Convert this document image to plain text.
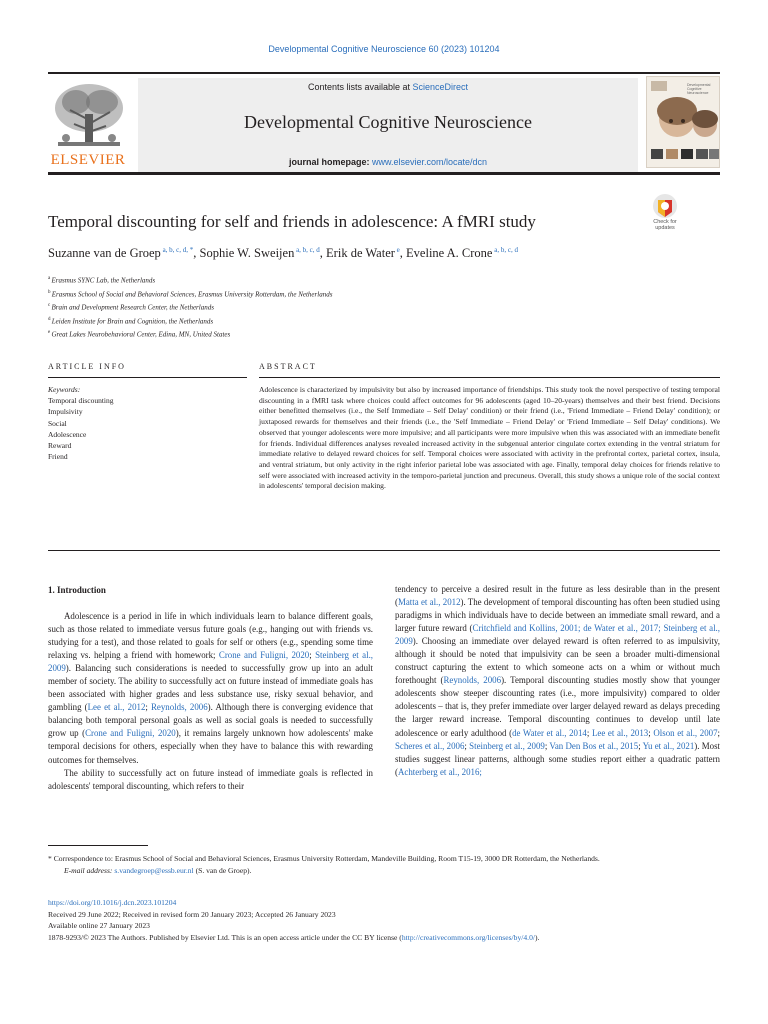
Developmental Cognitive Neuroscience 60 (2023) 101204
ELSEVIER
Contents lists available at ScienceDirect
Developmental Cognitive Neuroscience
journal homepage: www.elsevier.com/locate/dcn
Developmental Cognitive Neuroscience
Temporal discounting for self and friends in adolescence: A fMRI study	Check for updates
Suzanne van de Groep $^{a, b, c, d, *}$, Sophie W. Sweijen $^{a, b, c, d}$, Erik de Water $^e$, Eveline A. Crone $^{a, b, c, d}$
$^a$ Erasmus SYNC Lab, the Netherlands
$^b$ Erasmus School of Social and Behavioral Sciences, Erasmus University Rotterdam, the Netherlands
$^c$ Brain and Development Research Center, the Netherlands
$^d$ Leiden Institute for Brain and Cognition, the Netherlands
$^e$ Great Lakes Neurobehavioral Center, Edina, MN, United States
ARTICLE INFO	ABSTRACT
Keywords:
Temporal discounting
Impulsivity
Social
Adolescence
Reward
Friend
Adolescence is characterized by impulsivity but also by increased importance of friendships. This study took the novel perspective of testing temporal discounting in a fMRI task where choices could affect outcomes for 96 adolescents (aged 10–20-years) themselves and their best friend. Decisions either benefitted themselves (i.e., the Self Immediate – Self Delay' condition) or their friend (i.e., 'Friend Immediate – Friend Delay' condition); or juxtaposed rewards for themselves and their friends (i.e., the 'Self Immediate – Friend Delay' or 'Friend Immediate – Self Delay' conditions). We observed that younger adolescents were more impulsive; and all participants were more impulsive when this was associated with an immediate benefit for friends. Individual differences analyses revealed increased activity in the subgenual anterior cingulate cortex extending in the ventral striatum for immediate relative to delayed reward choices for self. Temporal choices were associated with activity in the prefrontal cortex, parietal cortex, insula, and ventral striatum, but only activity in the right inferior parietal lobe was associated with age. Finally, temporal delay choices for friends relative to self were associated with increased activity in the temporo-parietal junction and precuneus. Overall, this study shows a unique role of the social context in adolescents' temporal decision making.
1. Introduction

Adolescence is a period in life in which individuals learn to balance different goals, such as those related to immediate versus future goals (e.g., hanging out with friends vs. studying for a test), and those related to goals for self or others (e.g., spending some time relaxing vs. helping a friend with homework; Crone and Fuligni, 2020; Steinberg et al., 2009). Balancing such considerations is needed to successfully grow up into an adult member of society. The ability to successfully act on future instead of immediate goals has been associated with higher grades and less substance use, risky sexual behavior, and gambling (Lee et al., 2012; Reynolds, 2006). Although there is converging evidence that balancing both temporal personal goals as well as social goals is needed to successfully grow up (Crone and Fuligni, 2020), it remains largely unknown how adolescents' make temporal decisions for others, especially when they have to balance this with rewarding outcomes for themselves.

The ability to successfully act on future instead of immediate goals is reflected in adolescents' temporal discounting, which refers to their

tendency to perceive a desired result in the future as less desirable than in the present (Matta et al., 2012). The development of temporal discounting has often been studied using paradigms in which individuals have to decide between an immediate small reward, and a larger future reward (Critchfield and Kollins, 2001; de Water et al., 2017; Steinberg et al., 2009). Choosing an immediate over delayed reward is often referred to as impulsivity, although it should be noted that impulsivity can be seen a broader multi-dimensional construct capturing the extent to which someone acts on a whim or without much forethought (Reynolds, 2006). Temporal discounting studies mostly show that younger adolescents show steeper discounting rates (i.e., more impulsivity) compared to older adolescents – that is, they prefer immediate over larger delayed reward as delays preceding the larger reward increase. Temporal discounting continues to develop until late adolescence or early adulthood (de Water et al., 2014; Lee et al., 2013; Olson et al., 2007; Scheres et al., 2006; Steinberg et al., 2009; Van Den Bos et al., 2015; Yu et al., 2021). Most studies suggest linear patterns, although some studies report either a quadratic pattern (Achterberg et al., 2016;

* Correspondence to: Erasmus School of Social and Behavioral Sciences, Erasmus University Rotterdam, Mandeville Building, Room T15-19, 3000 DR Rotterdam, the Netherlands.
E-mail address: s.vandegroep@essb.eur.nl (S. van de Groep).
https://doi.org/10.1016/j.dcn.2023.101204
Received 29 June 2022; Received in revised form 20 January 2023; Accepted 26 January 2023
Available online 27 January 2023
1878-9293/© 2023 The Authors. Published by Elsevier Ltd. This is an open access article under the CC BY license (http://creativecommons.org/licenses/by/4.0/).
